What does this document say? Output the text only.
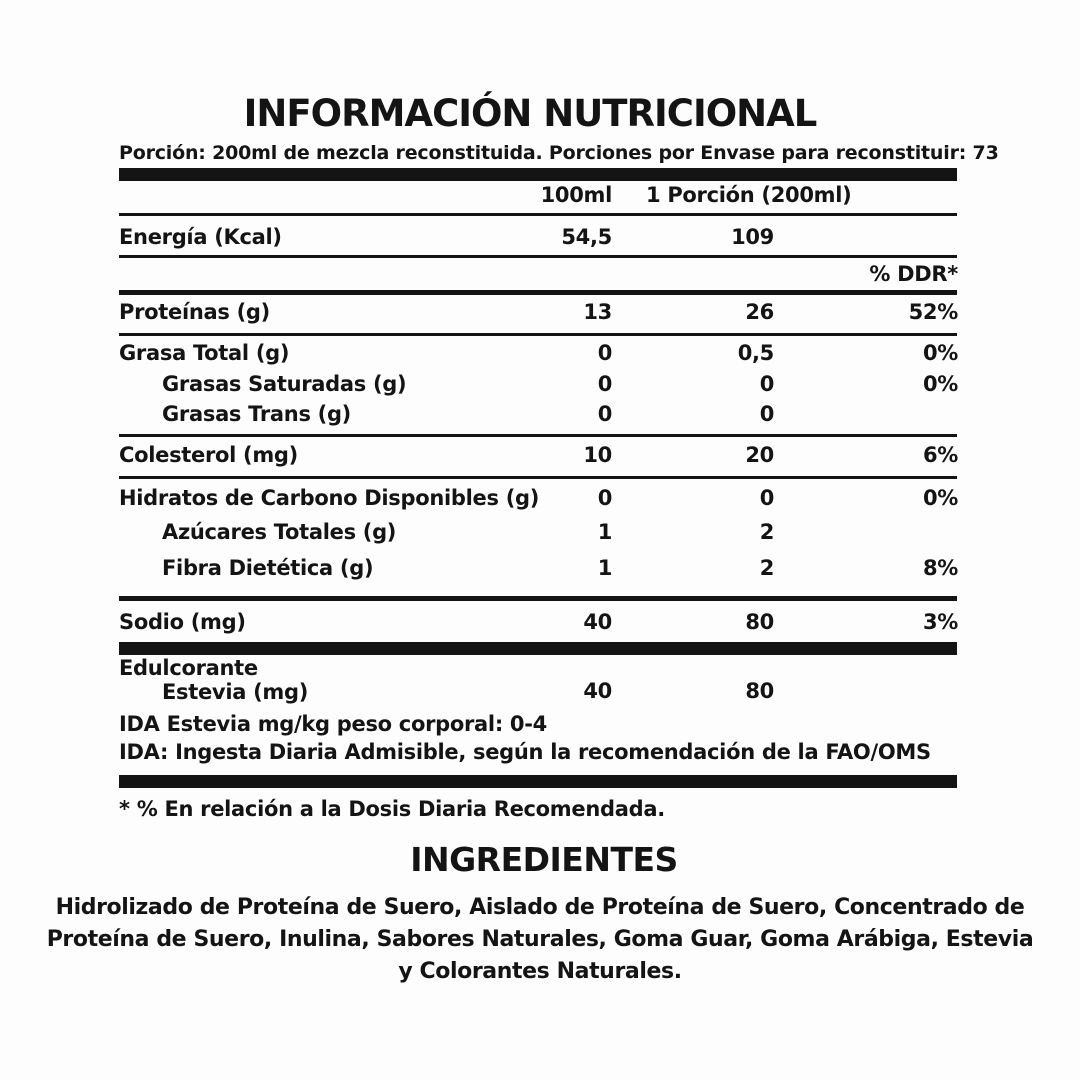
INFORMACIÓN NUTRICIONAL
Porción: 200ml de mezcla reconstituida. Porciones por Envase para reconstituir: 73
100ml 1 Porción (200ml)
Energía (Kcal)	54,5	109
% DDR*
Proteínas (g)	13	26	52%
Grasa Total (g)	0	0,5	0%
Grasas Saturadas (g)	0	0	0%
Grasas Trans (g)	0	0
Colesterol (mg)	10	20	6%
Hidratos de Carbono Disponibles (g)	0	0	0%
Azúcares Totales (g)	1	2
Fibra Dietética (g)	1	2	8%
Sodio (mg)	40	80	3%
Edulcorante
Estevia (mg)	40	80
IDA Estevia mg/kg peso corporal: 0-4
IDA: Ingesta Diaria Admisible, según la recomendación de la FAO/OMS
* % En relación a la Dosis Diaria Recomendada.
INGREDIENTES
Hidrolizado de Proteína de Suero, Aislado de Proteína de Suero, Concentrado de Proteína de Suero, Inulina, Sabores Naturales, Goma Guar, Goma Arábiga, Estevia y Colorantes Naturales.
